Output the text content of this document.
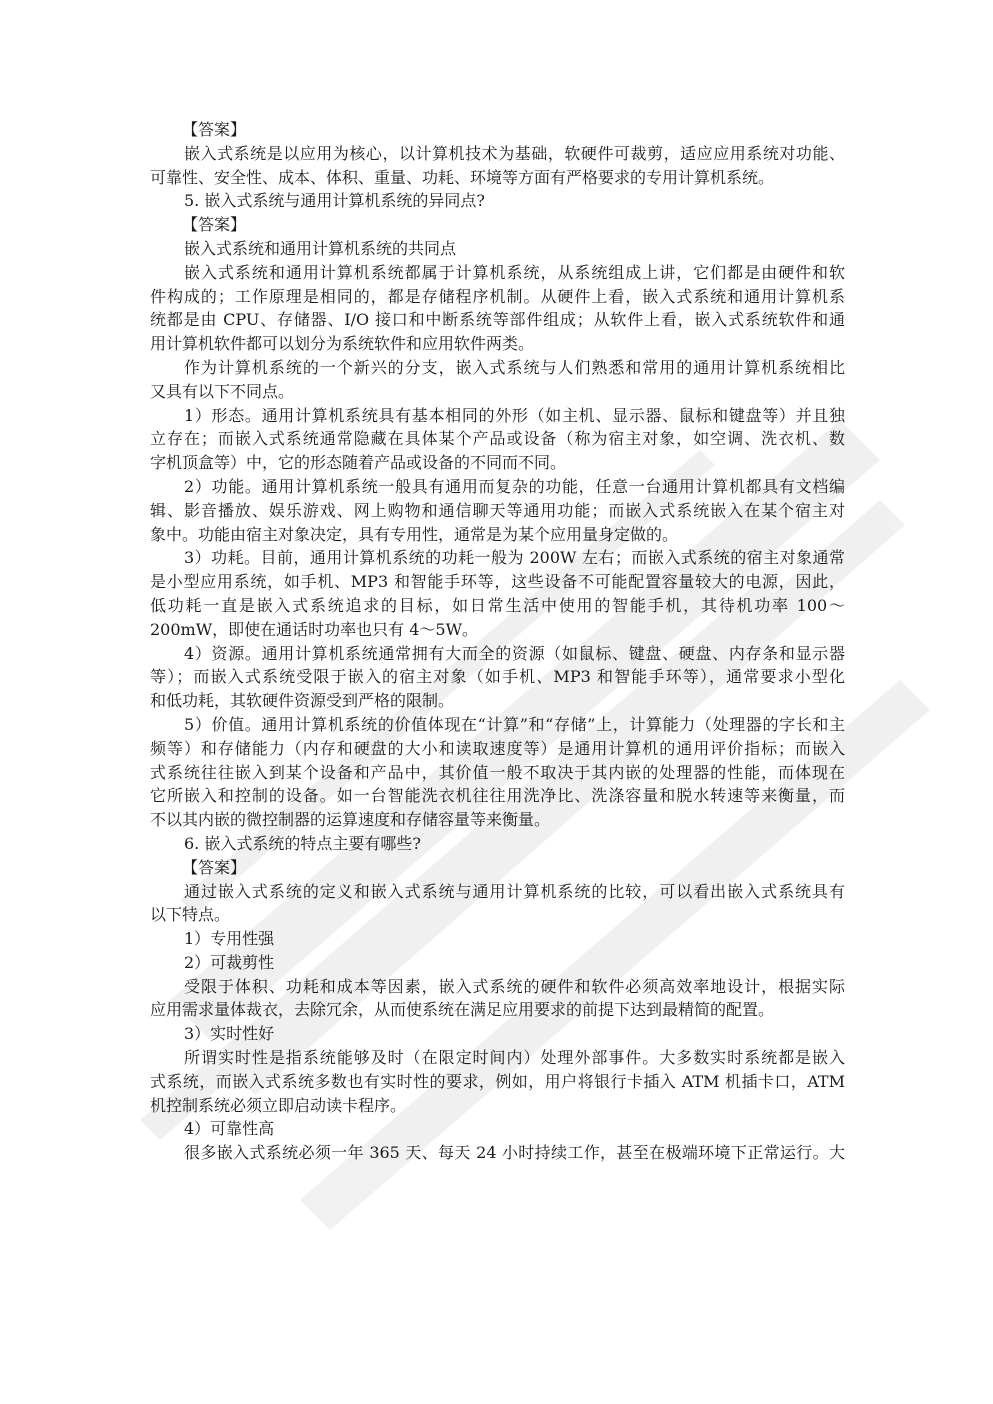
【答案】

嵌入式系统是以应用为核心，以计算机技术为基础，软硬件可裁剪，适应应用系统对功能、

可靠性、安全性、成本、体积、重量、功耗、环境等方面有严格要求的专用计算机系统。

5. 嵌入式系统与通用计算机系统的异同点?

【答案】

嵌入式系统和通用计算机系统的共同点

嵌入式系统和通用计算机系统都属于计算机系统，从系统组成上讲，它们都是由硬件和软

件构成的；工作原理是相同的，都是存储程序机制。从硬件上看，嵌入式系统和通用计算机系

统都是由 CPU、存储器、I/O 接口和中断系统等部件组成；从软件上看，嵌入式系统软件和通

用计算机软件都可以划分为系统软件和应用软件两类。

作为计算机系统的一个新兴的分支，嵌入式系统与人们熟悉和常用的通用计算机系统相比

又具有以下不同点。

1）形态。通用计算机系统具有基本相同的外形（如主机、显示器、鼠标和键盘等）并且独

立存在；而嵌入式系统通常隐藏在具体某个产品或设备（称为宿主对象，如空调、洗衣机、数

字机顶盒等）中，它的形态随着产品或设备的不同而不同。

2）功能。通用计算机系统一般具有通用而复杂的功能，任意一台通用计算机都具有文档编

辑、影音播放、娱乐游戏、网上购物和通信聊天等通用功能；而嵌入式系统嵌入在某个宿主对

象中。功能由宿主对象决定，具有专用性，通常是为某个应用量身定做的。

3）功耗。目前，通用计算机系统的功耗一般为 200W 左右；而嵌入式系统的宿主对象通常

是小型应用系统，如手机、MP3 和智能手环等，这些设备不可能配置容量较大的电源，因此，

低功耗一直是嵌入式系统追求的目标，如日常生活中使用的智能手机，其待机功率 100～

200mW，即使在通话时功率也只有 4～5W。

4）资源。通用计算机系统通常拥有大而全的资源（如鼠标、键盘、硬盘、内存条和显示器

等）；而嵌入式系统受限于嵌入的宿主对象（如手机、MP3 和智能手环等），通常要求小型化

和低功耗，其软硬件资源受到严格的限制。

5）价值。通用计算机系统的价值体现在“计算”和“存储”上，计算能力（处理器的字长和主

频等）和存储能力（内存和硬盘的大小和读取速度等）是通用计算机的通用评价指标；而嵌入

式系统往往嵌入到某个设备和产品中，其价值一般不取决于其内嵌的处理器的性能，而体现在

它所嵌入和控制的设备。如一台智能洗衣机往往用洗净比、洗涤容量和脱水转速等来衡量，而

不以其内嵌的微控制器的运算速度和存储容量等来衡量。

6. 嵌入式系统的特点主要有哪些?

【答案】

通过嵌入式系统的定义和嵌入式系统与通用计算机系统的比较，可以看出嵌入式系统具有

以下特点。

1）专用性强

2）可裁剪性

受限于体积、功耗和成本等因素，嵌入式系统的硬件和软件必须高效率地设计，根据实际

应用需求量体裁衣，去除冗余，从而使系统在满足应用要求的前提下达到最精简的配置。

3）实时性好

所谓实时性是指系统能够及时（在限定时间内）处理外部事件。大多数实时系统都是嵌入

式系统，而嵌入式系统多数也有实时性的要求，例如，用户将银行卡插入 ATM 机插卡口，ATM

机控制系统必须立即启动读卡程序。

4）可靠性高

很多嵌入式系统必须一年 365 天、每天 24 小时持续工作，甚至在极端环境下正常运行。大
